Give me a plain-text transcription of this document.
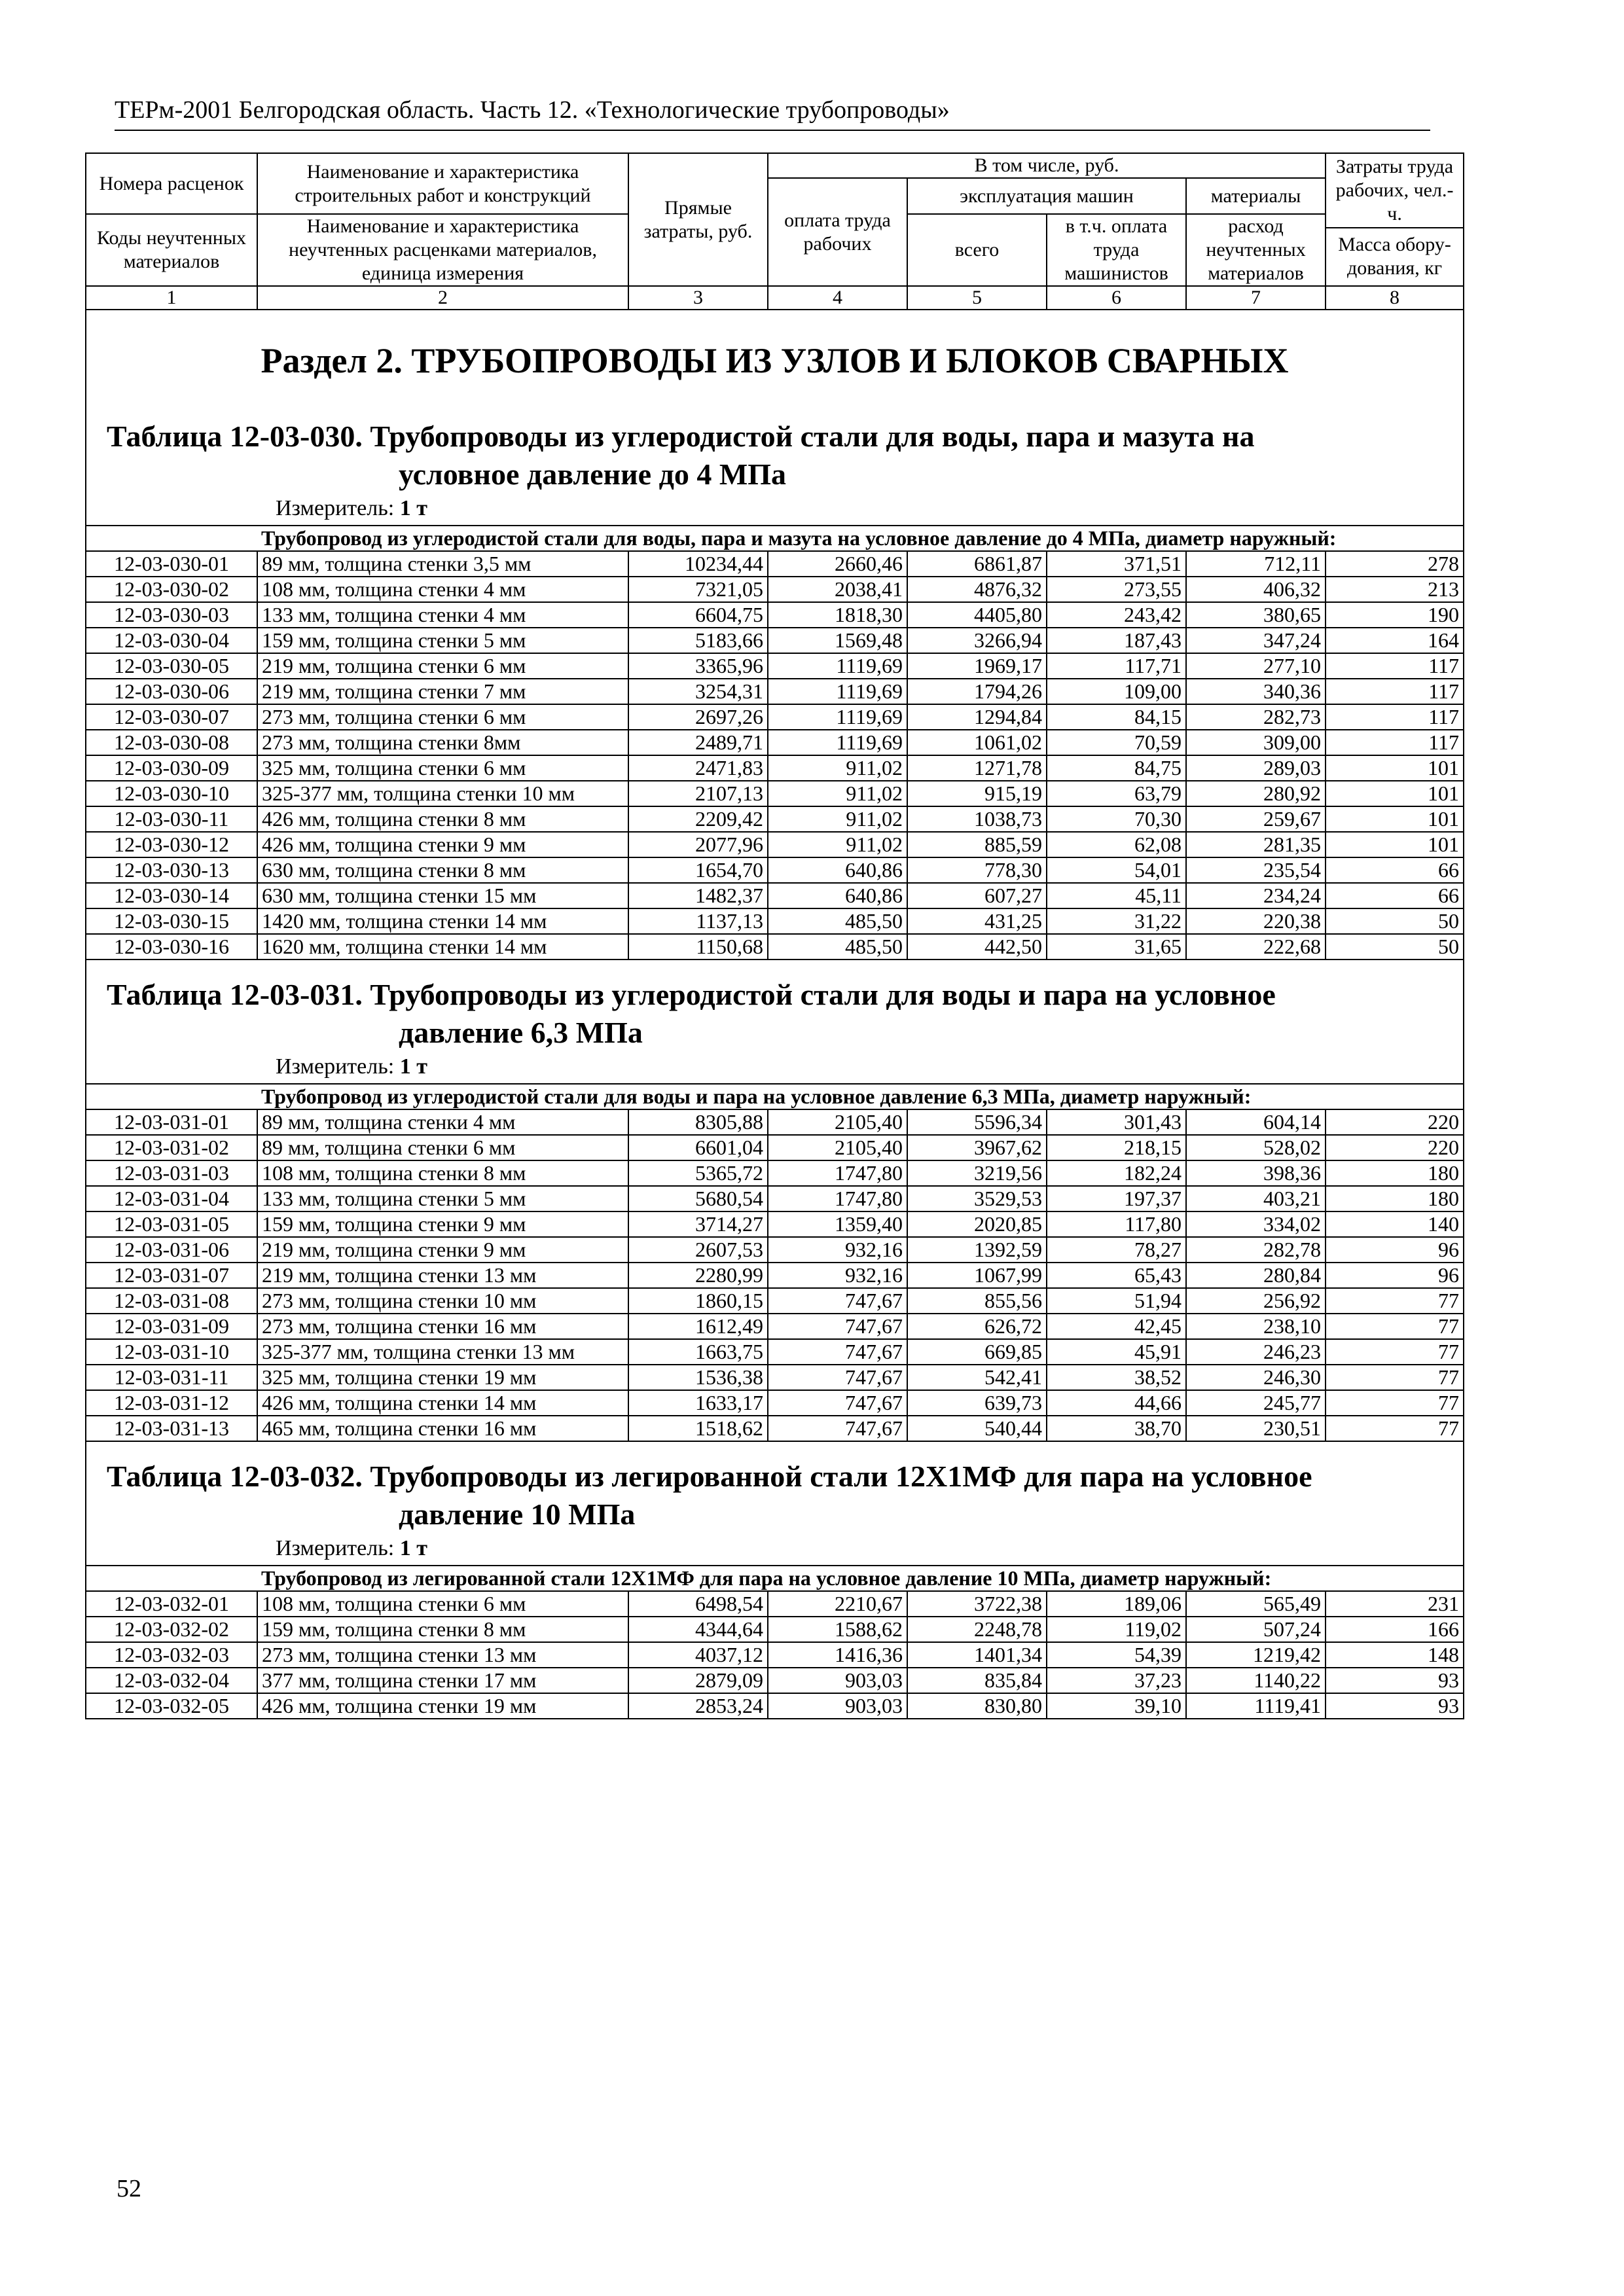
ТЕРм-2001 Белгородская область. Часть 12. «Технологические трубопроводы»
Номера расценок	Наименование и характеристика строительных работ и конструкций	Прямые затраты, руб.	В том числе, руб.				Затраты труда рабочих, чел.-ч.
			оплата труда рабочих	эксплуатация машин		материалы	
Коды неучтенных материалов	Наименование и характеристика неучтенных расценками материалов, единица измерения			всего	в т.ч. оплата труда машинистов	расход неучтенных материалов	
							Масса обору-дования, кг
1	2	3	4	5	6	7	8

Раздел 2. ТРУБОПРОВОДЫ ИЗ УЗЛОВ И БЛОКОВ СВАРНЫХ							

Таблица 12-03-030. Трубопроводы из углеродистой стали для воды, пара и мазута на
условное давление до 4 МПа
Измеритель: 1 т							

	Трубопровод из углеродистой стали для воды, пара и мазута на условное давление до 4 МПа, диаметр наружный:						
12-03-030-01	89 мм, толщина стенки 3,5 мм	10234,44	2660,46	6861,87	371,51	712,11	278
12-03-030-02	108 мм, толщина стенки 4 мм	7321,05	2038,41	4876,32	273,55	406,32	213
12-03-030-03	133 мм, толщина стенки 4 мм	6604,75	1818,30	4405,80	243,42	380,65	190
12-03-030-04	159 мм, толщина стенки 5 мм	5183,66	1569,48	3266,94	187,43	347,24	164
12-03-030-05	219 мм, толщина стенки 6 мм	3365,96	1119,69	1969,17	117,71	277,10	117
12-03-030-06	219 мм, толщина стенки 7 мм	3254,31	1119,69	1794,26	109,00	340,36	117
12-03-030-07	273 мм, толщина стенки 6 мм	2697,26	1119,69	1294,84	84,15	282,73	117
12-03-030-08	273 мм, толщина стенки 8мм	2489,71	1119,69	1061,02	70,59	309,00	117
12-03-030-09	325 мм, толщина стенки 6 мм	2471,83	911,02	1271,78	84,75	289,03	101
12-03-030-10	325-377 мм, толщина стенки 10 мм	2107,13	911,02	915,19	63,79	280,92	101
12-03-030-11	426 мм, толщина стенки 8 мм	2209,42	911,02	1038,73	70,30	259,67	101
12-03-030-12	426 мм, толщина стенки 9 мм	2077,96	911,02	885,59	62,08	281,35	101
12-03-030-13	630 мм, толщина стенки 8 мм	1654,70	640,86	778,30	54,01	235,54	66
12-03-030-14	630 мм, толщина стенки 15 мм	1482,37	640,86	607,27	45,11	234,24	66
12-03-030-15	1420 мм, толщина стенки 14 мм	1137,13	485,50	431,25	31,22	220,38	50
12-03-030-16	1620 мм, толщина стенки 14 мм	1150,68	485,50	442,50	31,65	222,68	50

Таблица 12-03-031. Трубопроводы из углеродистой стали для воды и пара на условное
давление 6,3 МПа
Измеритель: 1 т							

	Трубопровод из углеродистой стали для воды и пара на условное давление 6,3 МПа, диаметр наружный:						
12-03-031-01	89 мм, толщина стенки 4 мм	8305,88	2105,40	5596,34	301,43	604,14	220
12-03-031-02	89 мм, толщина стенки 6 мм	6601,04	2105,40	3967,62	218,15	528,02	220
12-03-031-03	108 мм, толщина стенки 8 мм	5365,72	1747,80	3219,56	182,24	398,36	180
12-03-031-04	133 мм, толщина стенки 5 мм	5680,54	1747,80	3529,53	197,37	403,21	180
12-03-031-05	159 мм, толщина стенки 9 мм	3714,27	1359,40	2020,85	117,80	334,02	140
12-03-031-06	219 мм, толщина стенки 9 мм	2607,53	932,16	1392,59	78,27	282,78	96
12-03-031-07	219 мм, толщина стенки 13 мм	2280,99	932,16	1067,99	65,43	280,84	96
12-03-031-08	273 мм, толщина стенки 10 мм	1860,15	747,67	855,56	51,94	256,92	77
12-03-031-09	273 мм, толщина стенки 16 мм	1612,49	747,67	626,72	42,45	238,10	77
12-03-031-10	325-377 мм, толщина стенки 13 мм	1663,75	747,67	669,85	45,91	246,23	77
12-03-031-11	325 мм, толщина стенки 19 мм	1536,38	747,67	542,41	38,52	246,30	77
12-03-031-12	426 мм, толщина стенки 14 мм	1633,17	747,67	639,73	44,66	245,77	77
12-03-031-13	465 мм, толщина стенки 16 мм	1518,62	747,67	540,44	38,70	230,51	77

Таблица 12-03-032. Трубопроводы из легированной стали 12Х1МФ для пара на условное
давление 10 МПа
Измеритель: 1 т							

	Трубопровод из легированной стали 12Х1МФ для пара на условное давление 10 МПа, диаметр наружный:						
12-03-032-01	108 мм, толщина стенки 6 мм	6498,54	2210,67	3722,38	189,06	565,49	231
12-03-032-02	159 мм, толщина стенки 8 мм	4344,64	1588,62	2248,78	119,02	507,24	166
12-03-032-03	273 мм, толщина стенки 13 мм	4037,12	1416,36	1401,34	54,39	1219,42	148
12-03-032-04	377 мм, толщина стенки 17 мм	2879,09	903,03	835,84	37,23	1140,22	93
12-03-032-05	426 мм, толщина стенки 19 мм	2853,24	903,03	830,80	39,10	1119,41	93
52
